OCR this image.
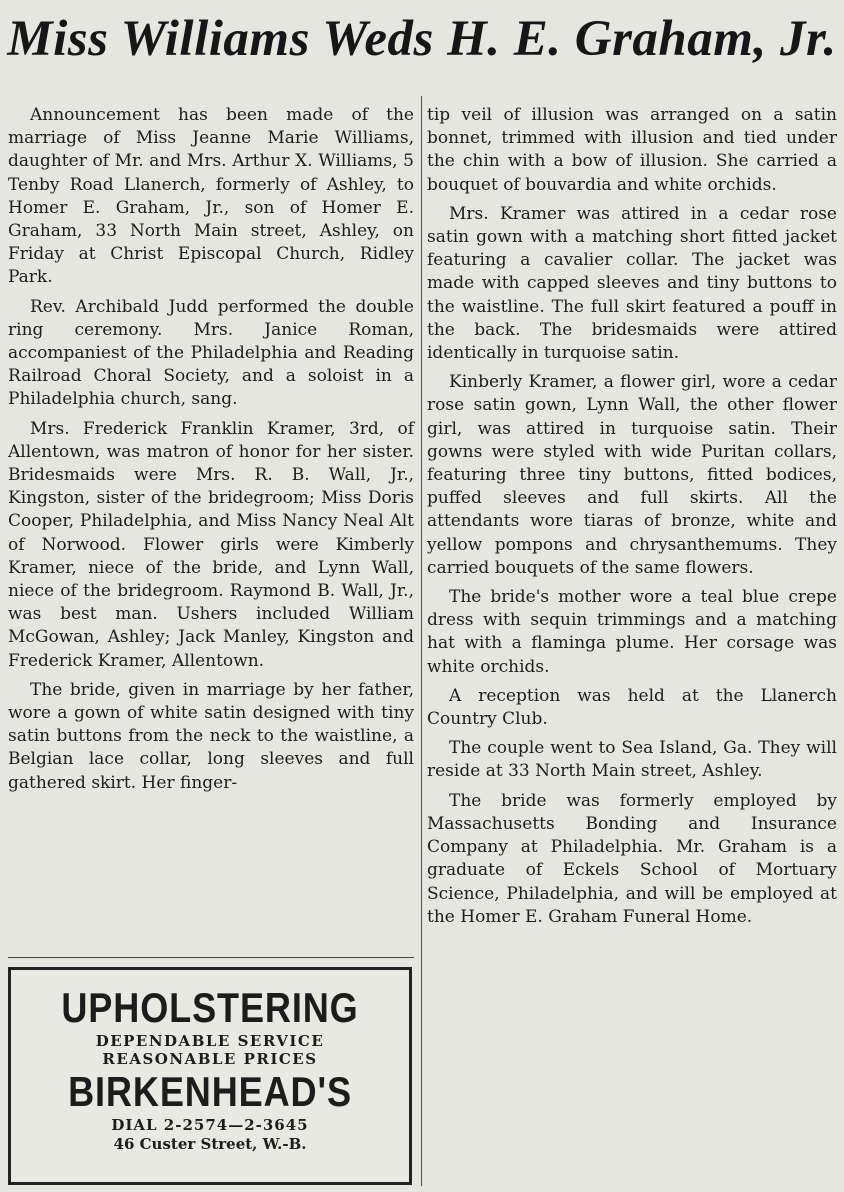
Miss Williams Weds H. E. Graham, Jr.

Announcement has been made of the marriage of Miss Jeanne Marie Williams, daughter of Mr. and Mrs. Arthur X. Williams, 5 Tenby Road Llanerch, formerly of Ashley, to Homer E. Graham, Jr., son of Homer E. Graham, 33 North Main street, Ashley, on Friday at Christ Episcopal Church, Ridley Park.

Rev. Archibald Judd performed the double ring ceremony. Mrs. Janice Roman, accompaniest of the Philadelphia and Reading Railroad Choral Society, and a soloist in a Philadelphia church, sang.

Mrs. Frederick Franklin Kramer, 3rd, of Allentown, was matron of honor for her sister. Bridesmaids were Mrs. R. B. Wall, Jr., Kingston, sister of the bridegroom; Miss Doris Cooper, Philadelphia, and Miss Nancy Neal Alt of Norwood. Flower girls were Kimberly Kramer, niece of the bride, and Lynn Wall, niece of the bridegroom. Raymond B. Wall, Jr., was best man. Ushers included William McGowan, Ashley; Jack Manley, Kingston and Frederick Kramer, Allentown.

The bride, given in marriage by her father, wore a gown of white satin designed with tiny satin buttons from the neck to the waistline, a Belgian lace collar, long sleeves and full gathered skirt. Her finger-

UPHOLSTERING
DEPENDABLE SERVICE
REASONABLE PRICES
BIRKENHEAD'S
DIAL 2-2574—2-3645
46 Custer Street, W.-B.

tip veil of illusion was arranged on a satin bonnet, trimmed with illusion and tied under the chin with a bow of illusion. She carried a bouquet of bouvardia and white orchids.

Mrs. Kramer was attired in a cedar rose satin gown with a matching short fitted jacket featuring a cavalier collar. The jacket was made with capped sleeves and tiny buttons to the waistline. The full skirt featured a pouff in the back. The bridesmaids were attired identically in turquoise satin.

Kinberly Kramer, a flower girl, wore a cedar rose satin gown, Lynn Wall, the other flower girl, was attired in turquoise satin. Their gowns were styled with wide Puritan collars, featuring three tiny buttons, fitted bodices, puffed sleeves and full skirts. All the attendants wore tiaras of bronze, white and yellow pompons and chrysanthemums. They carried bouquets of the same flowers.

The bride's mother wore a teal blue crepe dress with sequin trimmings and a matching hat with a flaminga plume. Her corsage was white orchids.

A reception was held at the Llanerch Country Club.

The couple went to Sea Island, Ga. They will reside at 33 North Main street, Ashley.

The bride was formerly employed by Massachusetts Bonding and Insurance Company at Philadelphia. Mr. Graham is a graduate of Eckels School of Mortuary Science, Philadelphia, and will be employed at the Homer E. Graham Funeral Home.
